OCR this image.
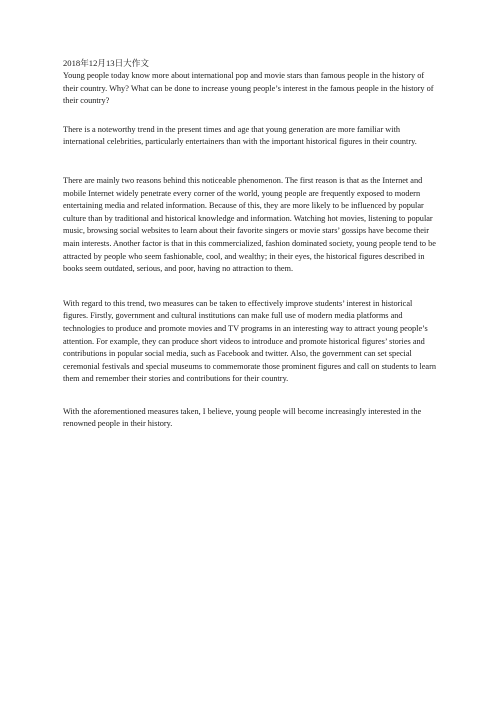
2018年12月13日大作文

Young people today know more about international pop and movie stars than famous people in the history of their country. Why? What can be done to increase young people’s interest in the famous people in the history of their country?

There is a noteworthy trend in the present times and age that young generation are more familiar with international celebrities, particularly entertainers than with the important historical figures in their country.

There are mainly two reasons behind this noticeable phenomenon. The first reason is that as the Internet and mobile Internet widely penetrate every corner of the world, young people are frequently exposed to modern entertaining media and related information. Because of this, they are more likely to be influenced by popular culture than by traditional and historical knowledge and information. Watching hot movies, listening to popular music, browsing social websites to learn about their favorite singers or movie stars’ gossips have become their main interests. Another factor is that in this commercialized, fashion dominated society, young people tend to be attracted by people who seem fashionable, cool, and wealthy; in their eyes, the historical figures described in books seem outdated, serious, and poor, having no attraction to them.

With regard to this trend, two measures can be taken to effectively improve students’ interest in historical figures. Firstly, government and cultural institutions can make full use of modern media platforms and technologies to produce and promote movies and TV programs in an interesting way to attract young people’s attention. For example, they can produce short videos to introduce and promote historical figures’ stories and contributions in popular social media, such as Facebook and twitter. Also, the government can set special ceremonial festivals and special museums to commemorate those prominent figures and call on students to learn them and remember their stories and contributions for their country.

With the aforementioned measures taken, I believe, young people will become increasingly interested in the renowned people in their history.
